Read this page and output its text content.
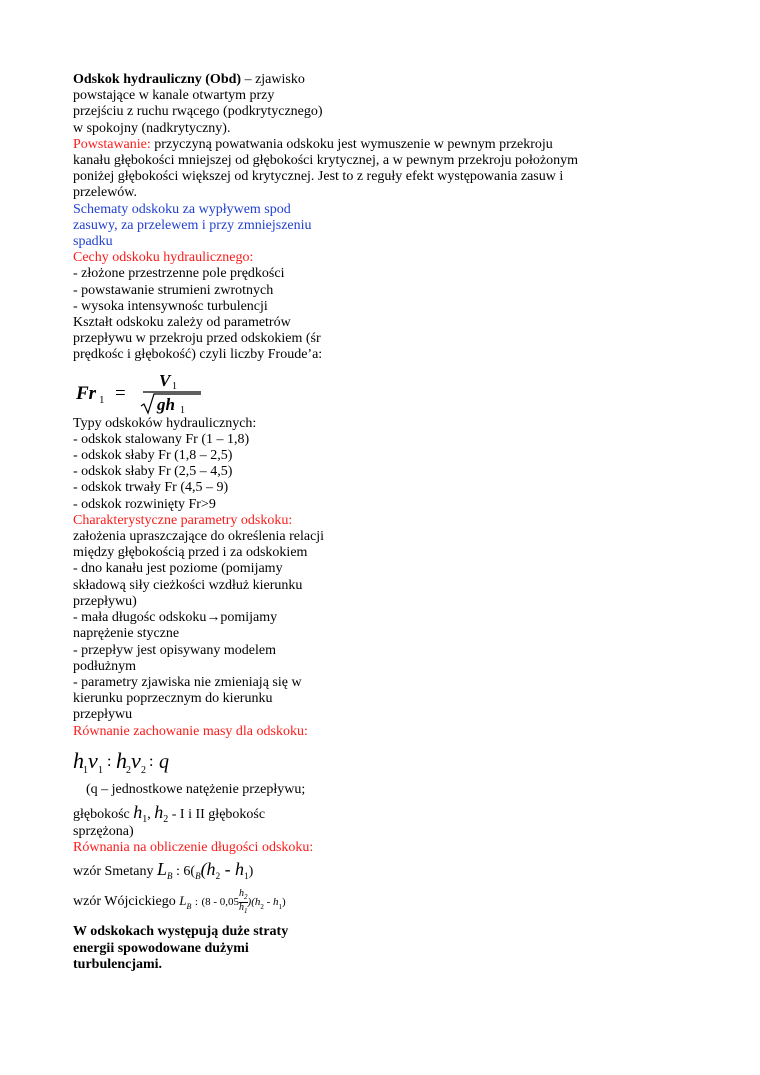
Odskok hydrauliczny (Obd) – zjawisko
powstające w kanale otwartym przy
przejściu z ruchu rwącego (podkrytycznego)
w spokojny (nadkrytyczny).
Powstawanie: przyczyną powatwania odskoku jest wymuszenie w pewnym przekroju
kanału głębokości mniejszej od głębokości krytycznej, a w pewnym przekroju położonym
poniżej głębokości większej od krytycznej. Jest to z reguły efekt występowania zasuw i
przelewów.
Schematy odskoku za wypływem spod
zasuwy, za przelewem i przy zmniejszeniu
spadku
Cechy odskoku hydraulicznego:
- złożone przestrzenne pole prędkości
- powstawanie strumieni zwrotnych
- wysoka intensywnośc turbulencji
Kształt odskoku zależy od parametrów
przepływu w przekroju przed odskokiem (śr
prędkośc i głębokość) czyli liczby Froude’a:
Fr 1 =
V 1
gh 1
Typy odskoków hydraulicznych:
- odskok stalowany Fr (1 – 1,8)
- odskok słaby Fr (1,8 – 2,5)
- odskok słaby Fr (2,5 – 4,5)
- odskok trwały Fr (4,5 – 9)
- odskok rozwinięty Fr>9
Charakterystyczne parametry odskoku:
założenia upraszczające do określenia relacji
między głębokością przed i za odskokiem
- dno kanału jest poziome (pomijamy
składową siły cieżkości wzdłuż kierunku
przepływu)
- mała długośc odskoku→pomijamy
naprężenie styczne
- przepływ jest opisywany modelem
podłużnym
- parametry zjawiska nie zmieniają się w
kierunku poprzecznym do kierunku
przepływu
Równanie zachowanie masy dla odskoku:
h 1 v 1
: h 2 v 2
: q
(q – jednostkowe natężenie przepływu;
głębokośc $h_1$, $h_2$ - I i II głębokośc
sprzężona)
Równania na obliczenie długości odskoku:
wzór Smetany $L_B$ : $6(_B(h_2 - h_1)$
wzór Wójcickiego $L_B$ : $(8 - 0,05 \frac{h_2}{h_1} )(h_2 - h_1)$
W odskokach występują duże straty
energii spowodowane dużymi
turbulencjami.
